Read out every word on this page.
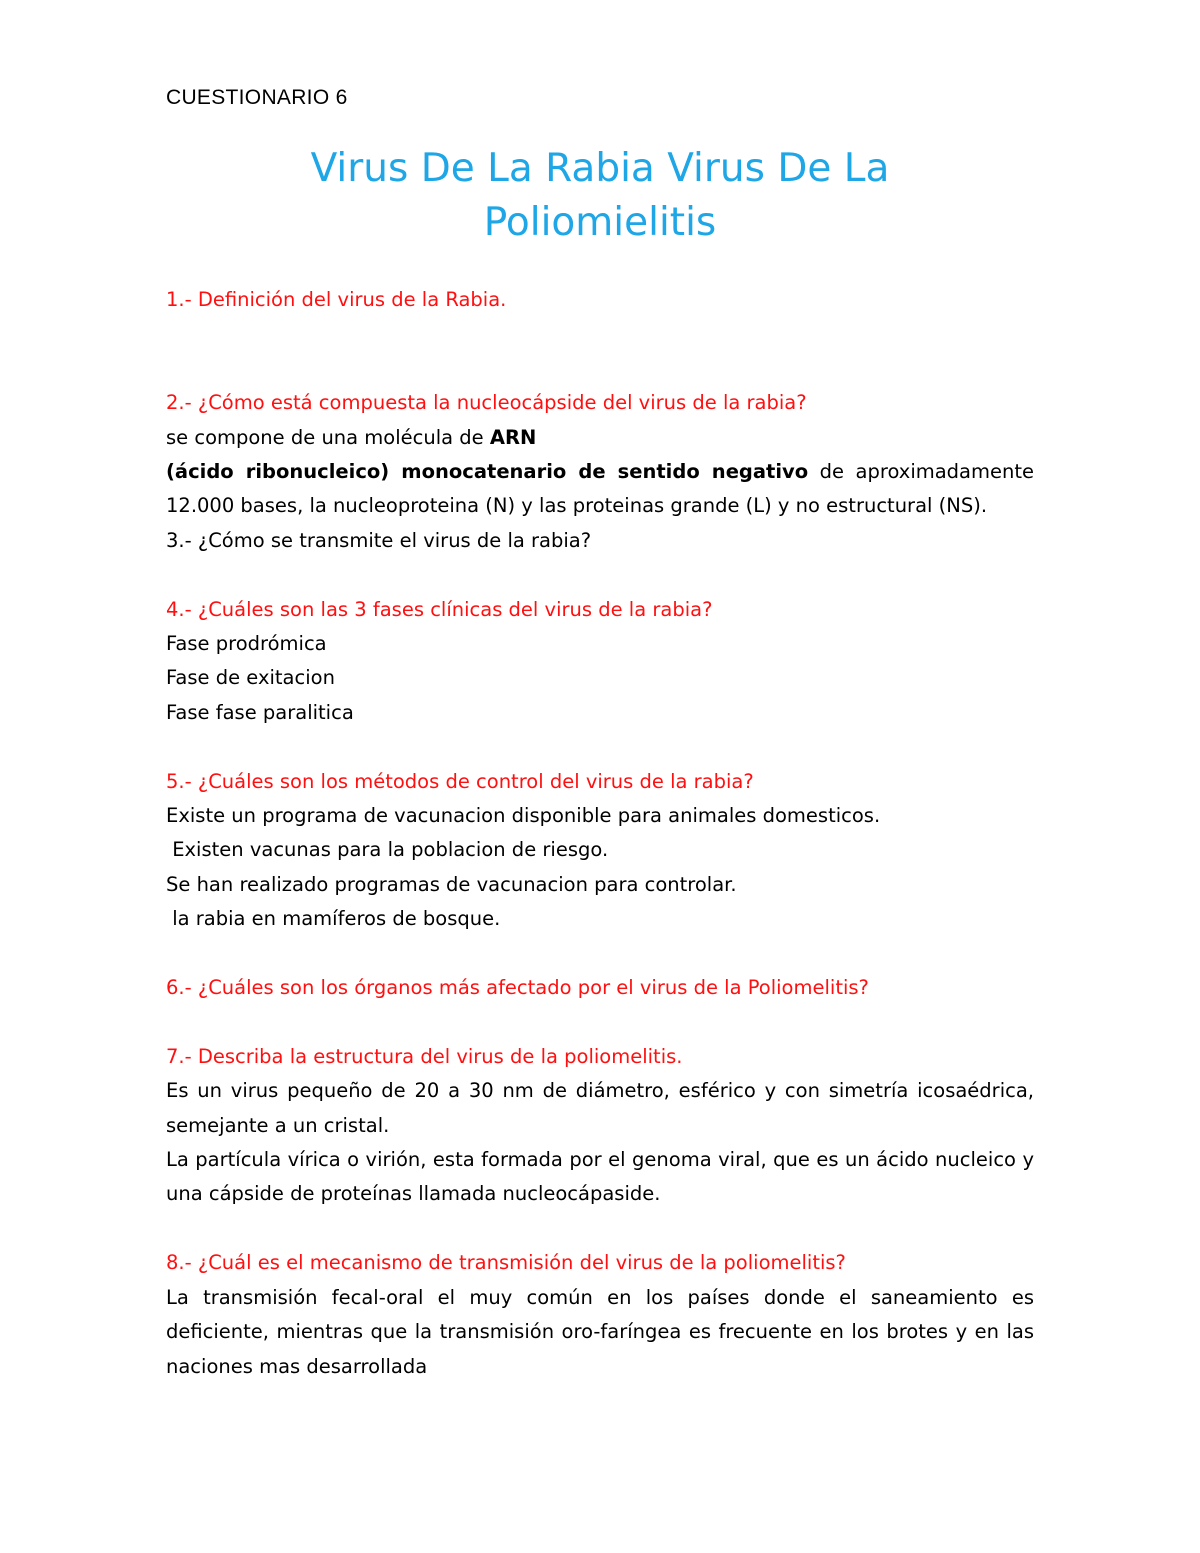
CUESTIONARIO 6
Virus De La Rabia Virus De La
Poliomielitis

1.- Definición del virus de la Rabia.

2.- ¿Cómo está compuesta la nucleocápside del virus de la rabia?

se compone de una molécula de ARN

(ácido ribonucleico) monocatenario de sentido negativo de aproximadamente 12.000 bases, la nucleoproteina (N) y las proteinas grande (L) y no estructural (NS).

3.- ¿Cómo se transmite el virus de la rabia?

4.- ¿Cuáles son las 3 fases clínicas del virus de la rabia?

Fase prodrómica

Fase de exitacion

Fase fase paralitica

5.- ¿Cuáles son los métodos de control del virus de la rabia?

Existe un programa de vacunacion disponible para animales domesticos.

Existen vacunas para la poblacion de riesgo.

Se han realizado programas de vacunacion para controlar.

la rabia en mamíferos de bosque.

6.- ¿Cuáles son los órganos más afectado por el virus de la Poliomelitis?

7.- Describa la estructura del virus de la poliomelitis.

Es un virus pequeño de 20 a 30 nm de diámetro, esférico y con simetría icosaédrica, semejante a un cristal.

La partícula vírica o virión, esta formada por el genoma viral, que es un ácido nucleico y una cápside de proteínas llamada nucleocápaside.

8.- ¿Cuál es el mecanismo de transmisión del virus de la poliomelitis?

La transmisión fecal-oral el muy común en los países donde el saneamiento es deficiente, mientras que la transmisión oro-faríngea es frecuente en los brotes y en las naciones mas desarrollada
